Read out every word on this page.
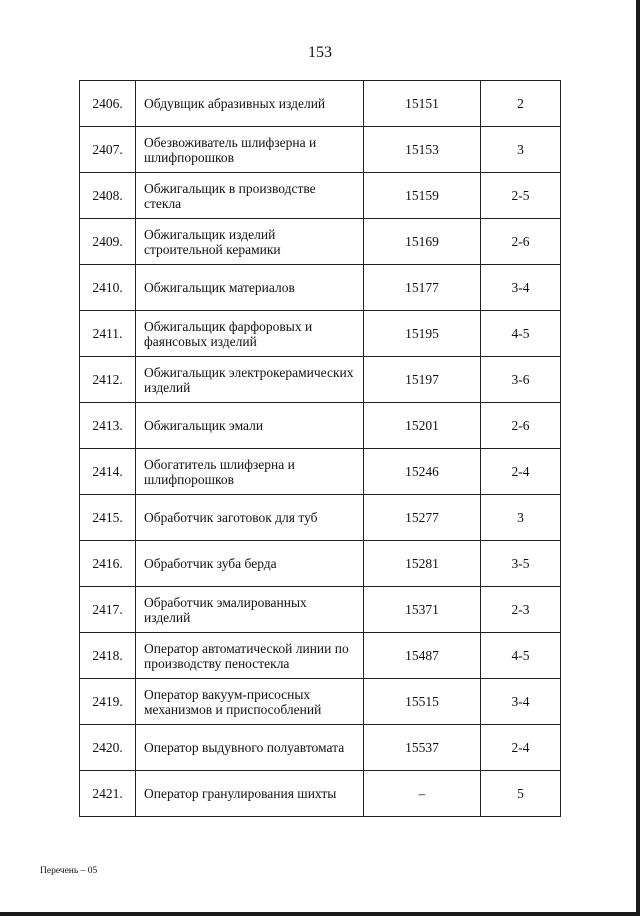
153
2406.	Обдувщик абразивных изделий	15151	2
2407.	Обезвоживатель шлифзерна и шлифпорошков	15153	3
2408.	Обжигальщик в производстве стекла	15159	2-5
2409.	Обжигальщик изделий строительной керамики	15169	2-6
2410.	Обжигальщик материалов	15177	3-4
2411.	Обжигальщик фарфоровых и фаянсовых изделий	15195	4-5
2412.	Обжигальщик электрокерамических изделий	15197	3-6
2413.	Обжигальщик эмали	15201	2-6
2414.	Обогатитель шлифзерна и шлифпорошков	15246	2-4
2415.	Обработчик заготовок для туб	15277	3
2416.	Обработчик зуба берда	15281	3-5
2417.	Обработчик эмалированных изделий	15371	2-3
2418.	Оператор автоматической линии по производству пеностекла	15487	4-5
2419.	Оператор вакуум-присосных механизмов и приспособлений	15515	3-4
2420.	Оператор выдувного полуавтомата	15537	2-4
2421.	Оператор гранулирования шихты	–	5
Перечень – 05
